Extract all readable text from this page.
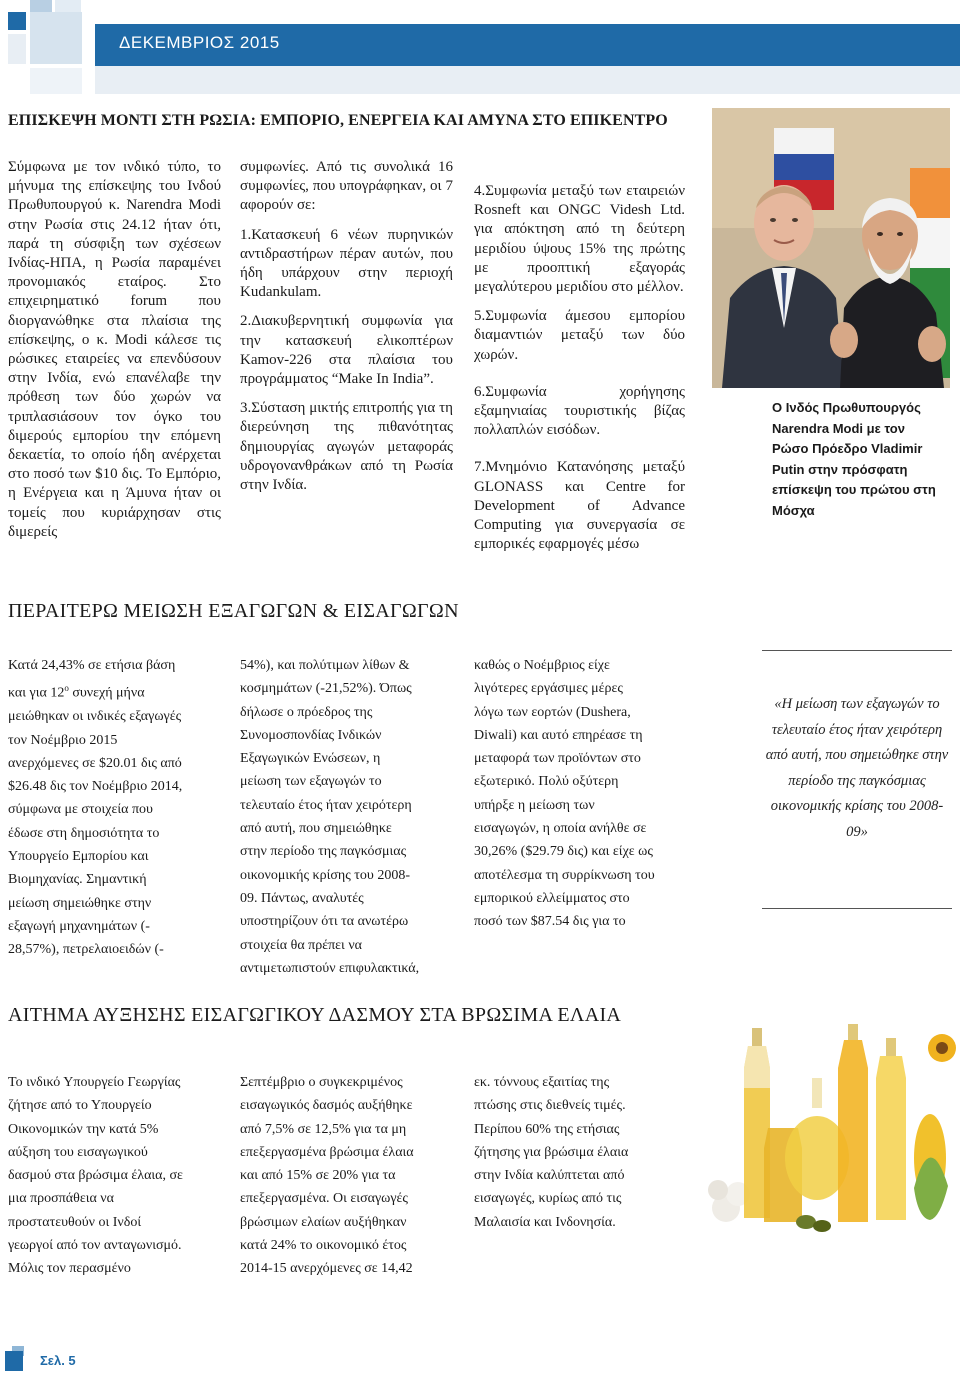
ΔΕΚΕΜΒΡΙΟΣ 2015
ΕΠΙΣΚΕΨΗ ΜΟΝΤΙ ΣΤΗ ΡΩΣΙΑ: ΕΜΠΟΡΙΟ, ΕΝΕΡΓΕΙΑ ΚΑΙ ΑΜΥΝΑ ΣΤΟ ΕΠΙΚΕΝΤΡΟ

Σύμφωνα με τον ινδικό τύπο, το μήνυμα της επίσκεψης του Ινδού Πρωθυπουργού κ. Narendra Modi στην Ρωσία στις 24.12 ήταν ότι, παρά τη σύσφιξη των σχέσεων Ινδίας-ΗΠΑ, η Ρωσία παραμένει προνομιακός εταίρος. Στο επιχειρηματικό forum που διοργανώθηκε στα πλαίσια της επίσκεψης, ο κ. Modi κάλεσε τις ρώσικες εταιρείες να επενδύσουν στην Ινδία, ενώ επανέλαβε την πρόθεση των δύο χωρών να τριπλασιάσουν τον όγκο του διμερούς εμπορίου την επόμενη δεκαετία, το οποίο ήδη ανέρχεται στο ποσό των $10 δις. Το Εμπόριο, η Ενέργεια και η Άμυνα ήταν οι τομείς που κυριάρχησαν στις διμερείς

συμφωνίες. Από τις συνολικά 16 συμφωνίες, που υπογράφηκαν, οι 7 αφορούν σε:

1.Κατασκευή 6 νέων πυρηνικών αντιδραστήρων πέραν αυτών, που ήδη υπάρχουν στην περιοχή Kudankulam.

2.Διακυβερνητική συμφωνία για την κατασκευή ελικοπτέρων Kamov-226 στα πλαίσια του προγράμματος “Make In India”.

3.Σύσταση μικτής επιτροπής για τη διερεύνηση της πιθανότητας δημιουργίας αγωγών μεταφοράς υδρογονανθράκων από τη Ρωσία στην Ινδία.

4.Συμφωνία μεταξύ των εταιρειών Rosneft και ONGC Videsh Ltd. για απόκτηση από τη δεύτερη μεριδίου ύψους 15% της πρώτης με προοπτική εξαγοράς μεγαλύτερου μεριδίου στο μέλλον.

5.Συμφωνία άμεσου εμπορίου διαμαντιών μεταξύ των δύο χωρών.

6.Συμφωνία χορήγησης εξαμηνιαίας τουριστικής βίζας πολλαπλών εισόδων.

7.Μνημόνιο Κατανόησης μεταξύ GLONASS και Centre for Development of Advance Computing για συνεργασία σε εμπορικές εφαρμογές μέσω

Ο Ινδός Πρωθυπουργός Narendra Modi με τον Ρώσο Πρόεδρο Vladimir Putin στην πρόσφατη επίσκεψη του πρώτου στη Μόσχα
ΠΕΡΑΙΤΕΡΩ ΜΕΙΩΣΗ ΕΞΑΓΩΓΩΝ & ΕΙΣΑΓΩΓΩΝ

Κατά 24,43% σε ετήσια βάση

και για $12^o$ συνεχή μήνα

μειώθηκαν οι ινδικές εξαγωγές

τον Νοέμβριο 2015

ανερχόμενες σε $20.01 δις από

$26.48 δις τον Νοέμβριο 2014,

σύμφωνα με στοιχεία που

έδωσε στη δημοσιότητα το

Υπουργείο Εμπορίου και

Βιομηχανίας. Σημαντική

μείωση σημειώθηκε στην

εξαγωγή μηχανημάτων (-

28,57%), πετρελαιοειδών (-

54%), και πολύτιμων λίθων &

κοσμημάτων (-21,52%). Όπως

δήλωσε ο πρόεδρος της

Συνομοσπονδίας Ινδικών

Εξαγωγικών Ενώσεων, η

μείωση των εξαγωγών το

τελευταίο έτος ήταν χειρότερη

από αυτή, που σημειώθηκε

στην περίοδο της παγκόσμιας

οικονομικής κρίσης του 2008-

09. Πάντως, αναλυτές

υποστηρίζουν ότι τα ανωτέρω

στοιχεία θα πρέπει να

αντιμετωπιστούν επιφυλακτικά,

καθώς ο Νοέμβριος είχε

λιγότερες εργάσιμες μέρες

λόγω των εορτών (Dushera,

Diwali) και αυτό επηρέασε τη

μεταφορά των προϊόντων στο

εξωτερικό. Πολύ οξύτερη

υπήρξε η μείωση των

εισαγωγών, η οποία ανήλθε σε

30,26% ($29.79 δις) και είχε ως

αποτέλεσμα τη συρρίκνωση του

εμπορικού ελλείμματος στο

ποσό των $87.54 δις για το

«Η μείωση των εξαγωγών το τελευταίο έτος ήταν χειρότερη από αυτή, που σημειώθηκε στην περίοδο της παγκόσμιας οικονομικής κρίσης του 2008-09»
ΑΙΤΗΜΑ ΑΥΞΗΣΗΣ ΕΙΣΑΓΩΓΙΚΟΥ ΔΑΣΜΟΥ ΣΤΑ ΒΡΩΣΙΜΑ ΕΛΑΙΑ

Το ινδικό Υπουργείο Γεωργίας

ζήτησε από το Υπουργείο

Οικονομικών την κατά 5%

αύξηση του εισαγωγικού

δασμού στα βρώσιμα έλαια, σε

μια προσπάθεια να

προστατευθούν οι Ινδοί

γεωργοί από τον ανταγωνισμό.

Μόλις τον περασμένο

Σεπτέμβριο ο συγκεκριμένος

εισαγωγικός δασμός αυξήθηκε

από 7,5% σε 12,5% για τα μη

επεξεργασμένα βρώσιμα έλαια

και από 15% σε 20% για τα

επεξεργασμένα. Οι εισαγωγές

βρώσιμων ελαίων αυξήθηκαν

κατά 24% το οικονομικό έτος

2014-15 ανερχόμενες σε 14,42

εκ. τόννους εξαιτίας της

πτώσης στις διεθνείς τιμές.

Περίπου 60% της ετήσιας

ζήτησης για βρώσιμα έλαια

στην Ινδία καλύπτεται από

εισαγωγές, κυρίως από τις

Μαλαισία και Ινδονησία.

Σελ. 5
